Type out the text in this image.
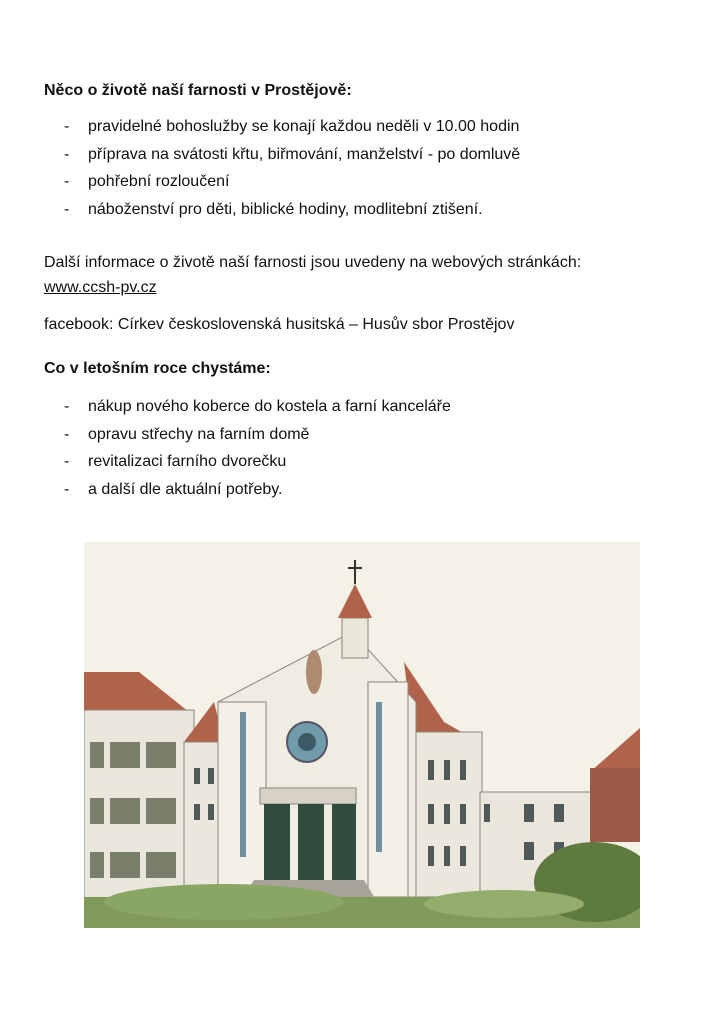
Něco o životě naší farnosti v Prostějově:
-	pravidelné bohoslužby se konají každou neděli v 10.00 hodin
-	příprava na svátosti křtu, biřmování, manželství - po domluvě
-	pohřební rozloučení
-	náboženství pro děti, biblické hodiny, modlitební ztišení.
Další informace o životě naší farnosti jsou uvedeny na webových stránkách:
www.ccsh-pv.cz
facebook: Církev československá husitská – Husův sbor Prostějov
Co v letošním roce chystáme:
-	nákup nového koberce do kostela a farní kanceláře
-	opravu střechy na farním domě
-	revitalizaci farního dvorečku
-	a další dle aktuální potřeby.
